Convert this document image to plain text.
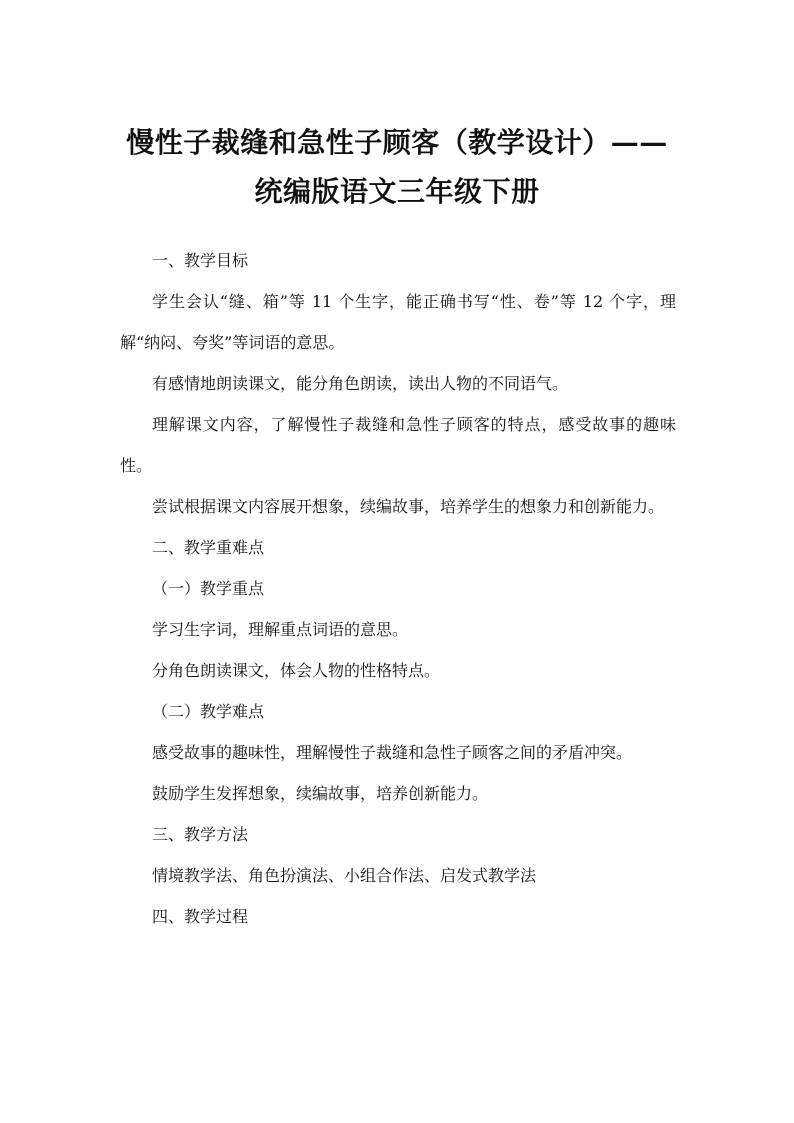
慢性子裁缝和急性子顾客（教学设计）——
统编版语文三年级下册

一、教学目标

学生会认“缝、箱”等 11 个生字，能正确书写“性、卷”等 12 个字，理解“纳闷、夸奖”等词语的意思。

有感情地朗读课文，能分角色朗读，读出人物的不同语气。

理解课文内容，了解慢性子裁缝和急性子顾客的特点，感受故事的趣味性。

尝试根据课文内容展开想象，续编故事，培养学生的想象力和创新能力。

二、教学重难点

（一）教学重点

学习生字词，理解重点词语的意思。

分角色朗读课文，体会人物的性格特点。

（二）教学难点

感受故事的趣味性，理解慢性子裁缝和急性子顾客之间的矛盾冲突。

鼓励学生发挥想象，续编故事，培养创新能力。

三、教学方法

情境教学法、角色扮演法、小组合作法、启发式教学法

四、教学过程
